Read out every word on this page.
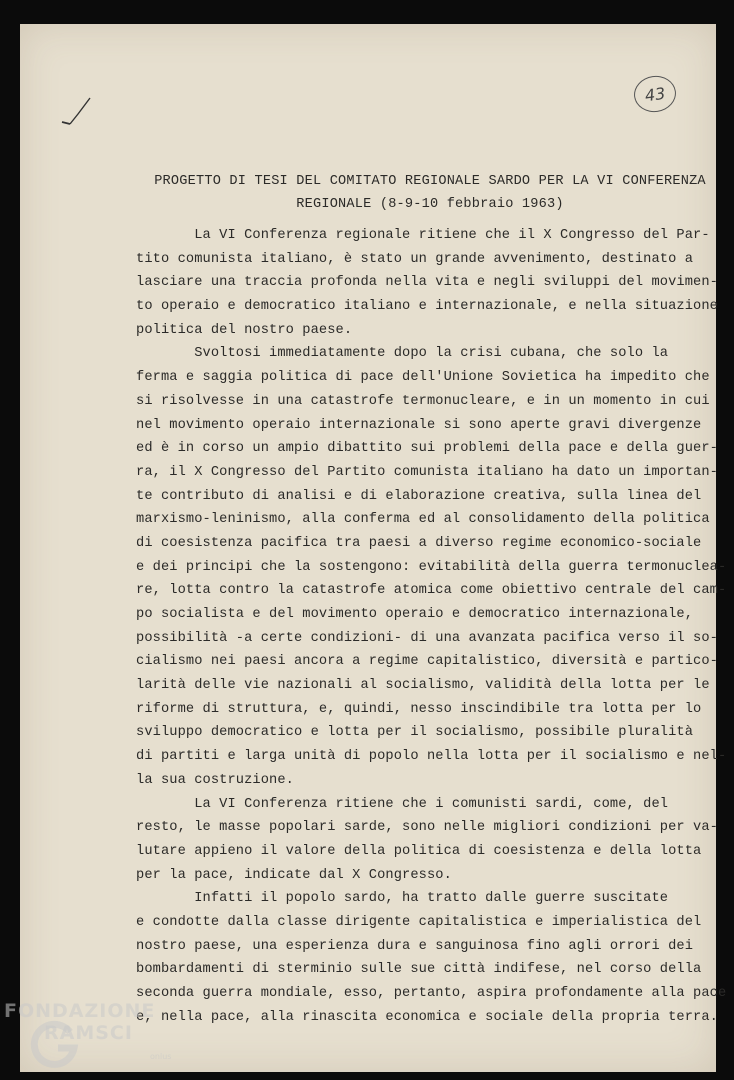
43
PROGETTO DI TESI DEL COMITATO REGIONALE SARDO PER LA VI CONFERENZA
REGIONALE (8-9-10 febbraio 1963)
La VI Conferenza regionale ritiene che il X Congresso del Par-
tito comunista italiano, è stato un grande avvenimento, destinato a
lasciare una traccia profonda nella vita e negli sviluppi del movimen-
to operaio e democratico italiano e internazionale, e nella situazione
politica del nostro paese.
Svoltosi immediatamente dopo la crisi cubana, che solo la
ferma e saggia politica di pace dell'Unione Sovietica ha impedito che
si risolvesse in una catastrofe termonucleare, e in un momento in cui
nel movimento operaio internazionale si sono aperte gravi divergenze
ed è in corso un ampio dibattito sui problemi della pace e della guer-
ra, il X Congresso del Partito comunista italiano ha dato un importan-
te contributo di analisi e di elaborazione creativa, sulla linea del
marxismo-leninismo, alla conferma ed al consolidamento della politica
di coesistenza pacifica tra paesi a diverso regime economico-sociale
e dei principi che la sostengono: evitabilità della guerra termonuclea-
re, lotta contro la catastrofe atomica come obiettivo centrale del cam-
po socialista e del movimento operaio e democratico internazionale,
possibilità -a certe condizioni- di una avanzata pacifica verso il so-
cialismo nei paesi ancora a regime capitalistico, diversità e partico-
larità delle vie nazionali al socialismo, validità della lotta per le
riforme di struttura, e, quindi, nesso inscindibile tra lotta per lo
sviluppo democratico e lotta per il socialismo, possibile pluralità
di partiti e larga unità di popolo nella lotta per il socialismo e nel-
la sua costruzione.
La VI Conferenza ritiene che i comunisti sardi, come, del
resto, le masse popolari sarde, sono nelle migliori condizioni per va-
lutare appieno il valore della politica di coesistenza e della lotta
per la pace, indicate dal X Congresso.
Infatti il popolo sardo, ha tratto dalle guerre suscitate
e condotte dalla classe dirigente capitalistica e imperialistica del
nostro paese, una esperienza dura e sanguinosa fino agli orrori dei
bombardamenti di sterminio sulle sue città indifese, nel corso della
seconda guerra mondiale, esso, pertanto, aspira profondamente alla pace
e, nella pace, alla rinascita economica e sociale della propria terra.
FONDAZIONE
RAMSCI
onlus
